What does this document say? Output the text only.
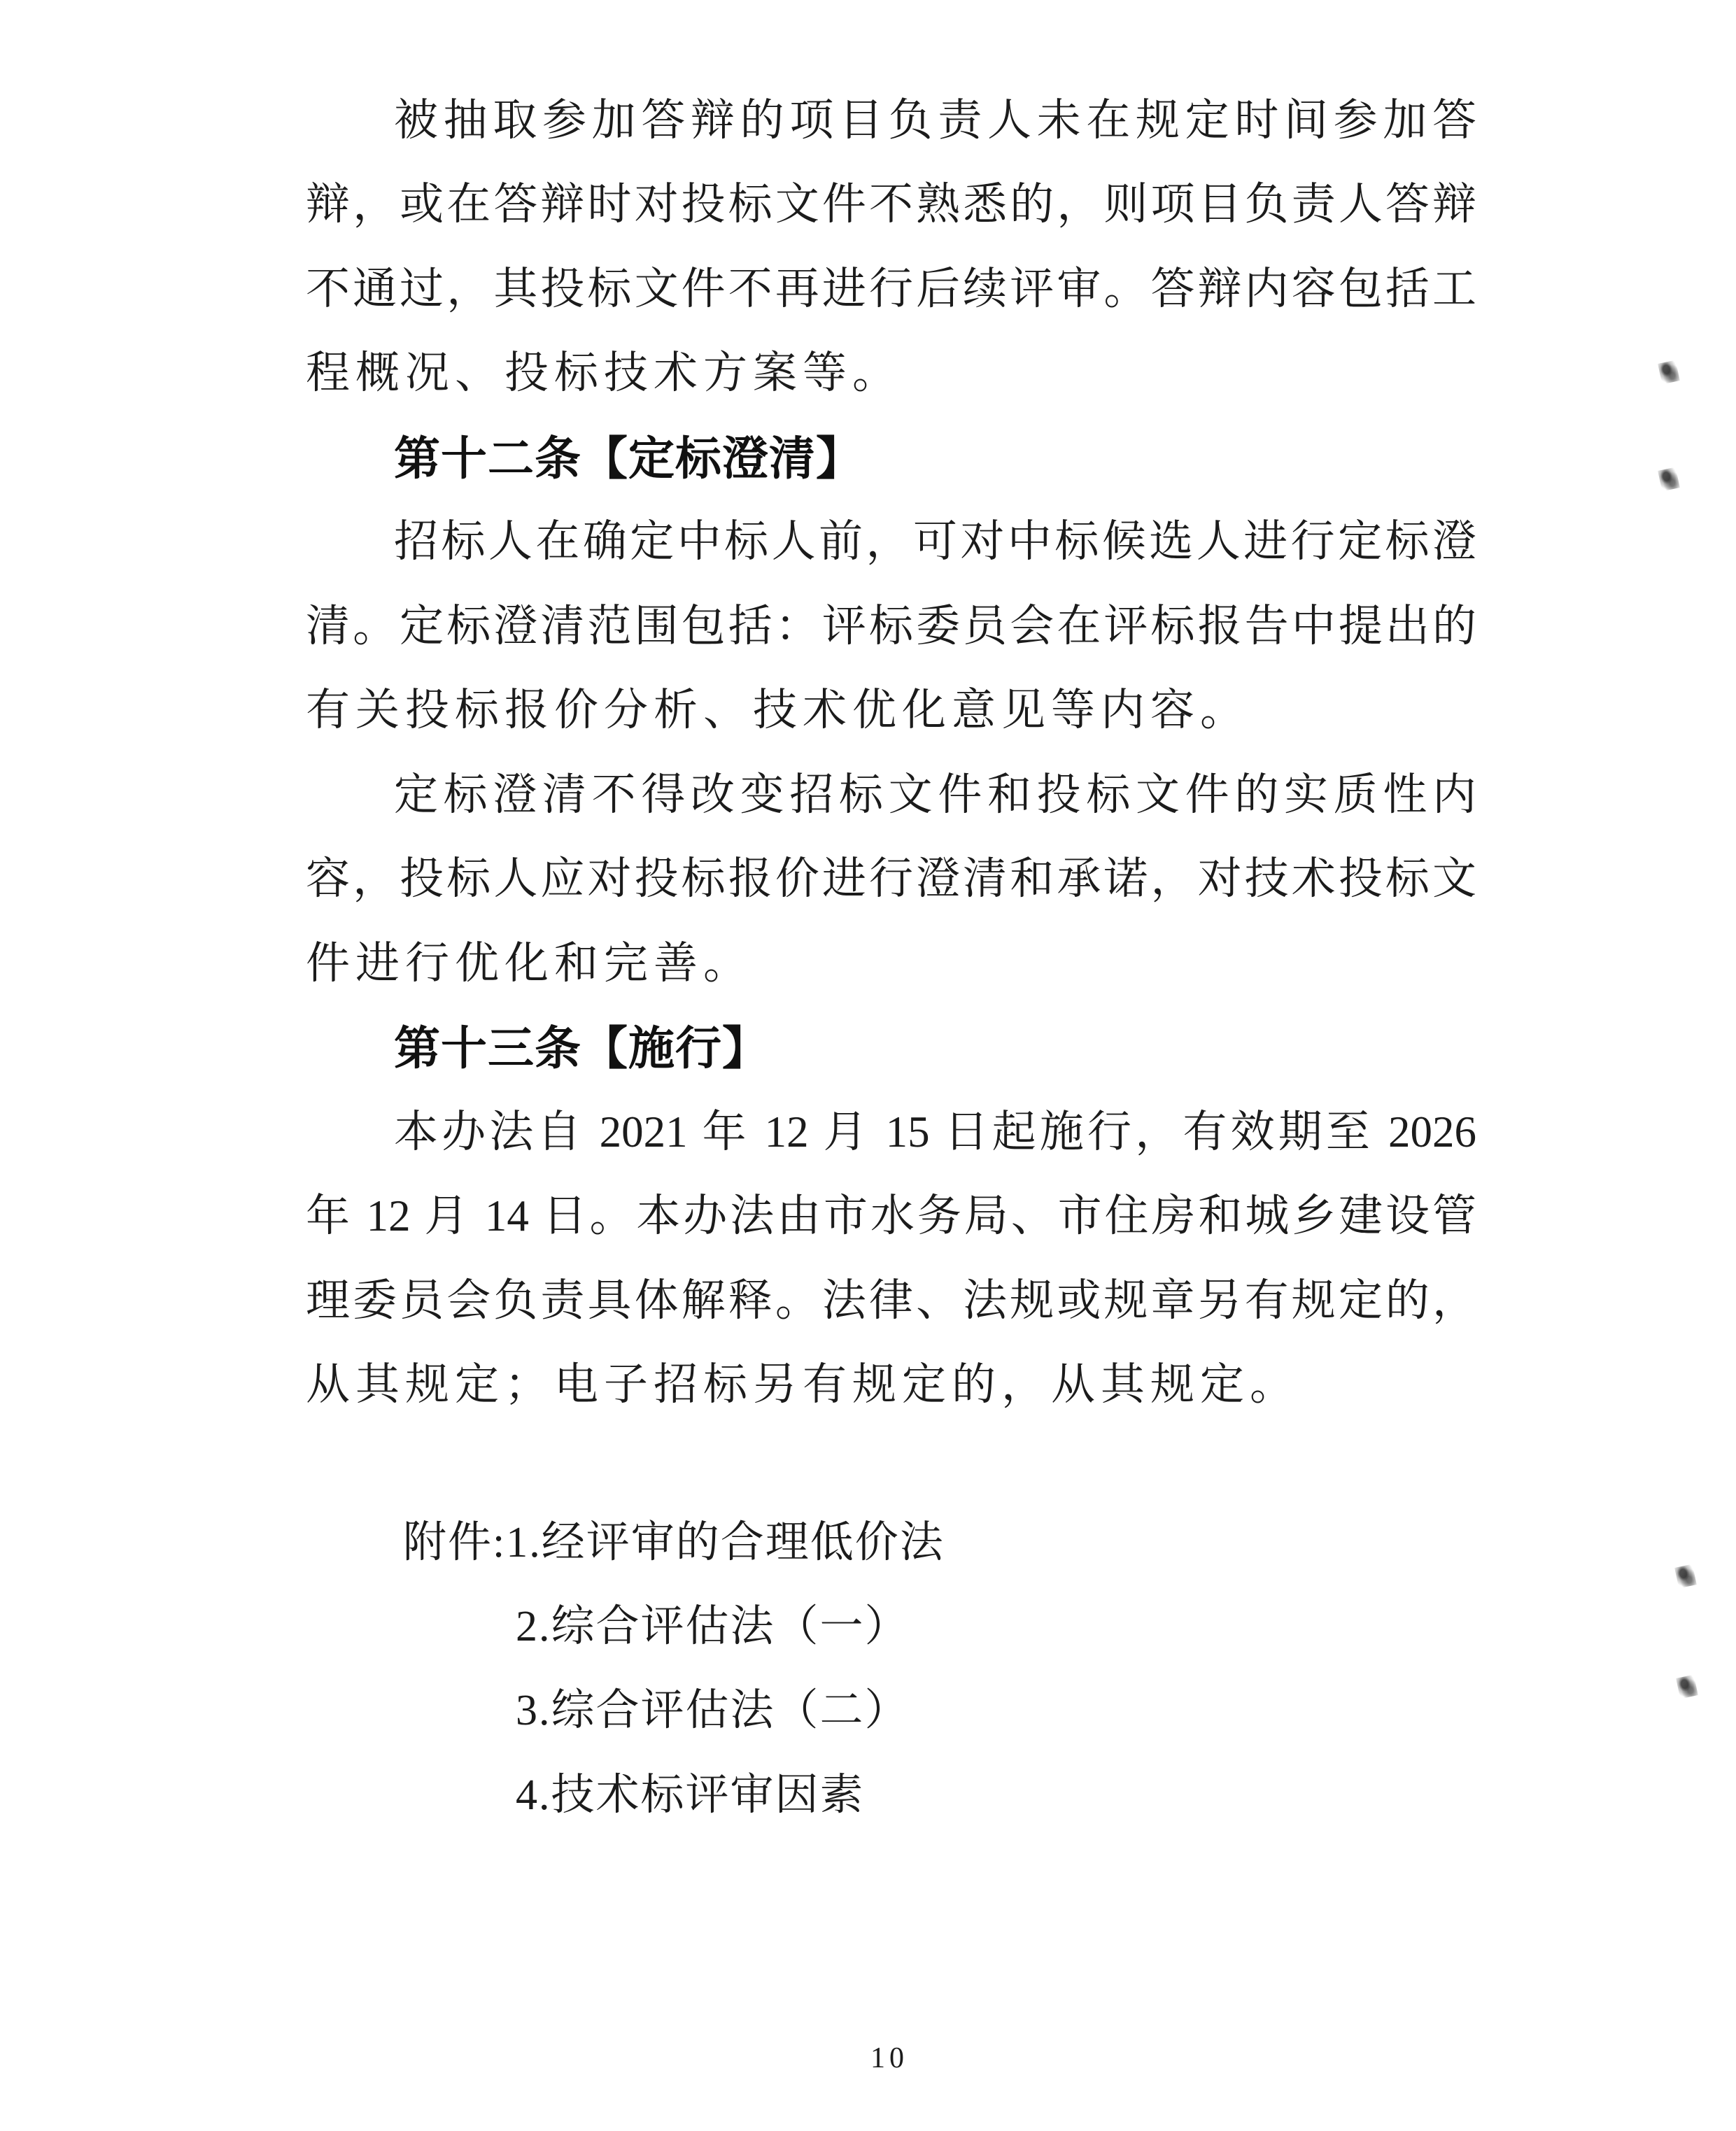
被抽取参加答辩的项目负责人未在规定时间参加答
辩，或在答辩时对投标文件不熟悉的，则项目负责人答辩
不通过，其投标文件不再进行后续评审。答辩内容包括工
程概况、投标技术方案等。
第十二条【定标澄清】
招标人在确定中标人前，可对中标候选人进行定标澄
清。定标澄清范围包括：评标委员会在评标报告中提出的
有关投标报价分析、技术优化意见等内容。
定标澄清不得改变招标文件和投标文件的实质性内
容，投标人应对投标报价进行澄清和承诺，对技术投标文
件进行优化和完善。
第十三条【施行】
本办法自 2021 年 12 月 15 日起施行，有效期至 2026
年 12 月 14 日。本办法由市水务局、市住房和城乡建设管
理委员会负责具体解释。法律、法规或规章另有规定的，
从其规定；电子招标另有规定的，从其规定。
附件:1.经评审的合理低价法
2.综合评估法（一）
3.综合评估法（二）
4.技术标评审因素
10
